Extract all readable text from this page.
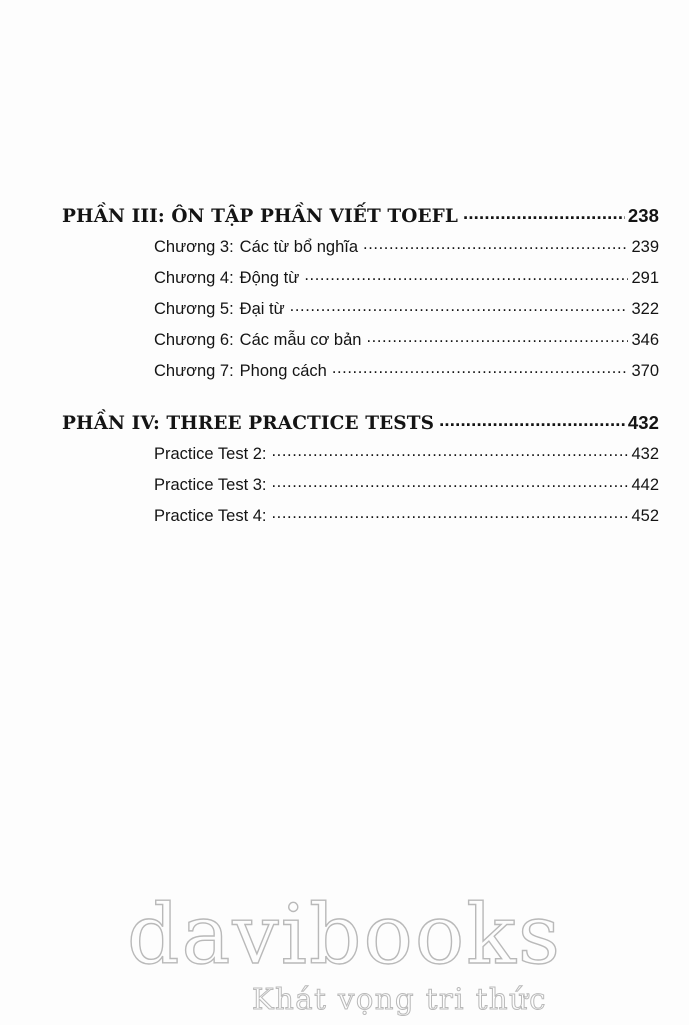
PHẦN III: ÔN TẬP PHẦN VIẾT TOEFL .....	238
Chương 3: Các từ bổ nghĩa .....	239
Chương 4: Động từ .....	291
Chương 5: Đại từ .....	322
Chương 6: Các mẫu cơ bản .....	346
Chương 7: Phong cách .....	370
PHẦN IV: THREE PRACTICE TESTS .....	432
Practice Test 2: .....	432
Practice Test 3: .....	442
Practice Test 4: .....	452
davibooks
Khát vọng tri thức
